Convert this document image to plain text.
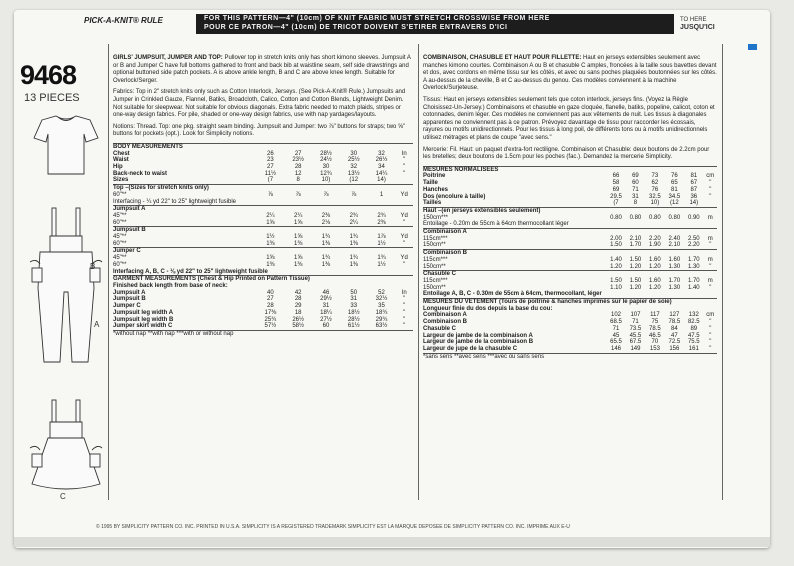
PICK-A-KNIT® RULE	FOR THIS PATTERN—4" (10cm) OF KNIT FABRIC MUST STRETCH CROSSWISE FROM HERE
POUR CE PATRON—4" (10cm) DE TRICOT DOIVENT S'ETIRER ENTRAVERS D'ICI
TO HERE
JUSQU'ICI
9468
13 PIECES
B
A
C

GIRLS' JUMPSUIT, JUMPER AND TOP: Pullover top in stretch knits only has short kimono sleeves. Jumpsuit A or B and Jumper C have full bottoms gathered to front and back bib at waistline seam, self side drawstrings and optional buttoned side patch pockets. A is above ankle length, B and C are above knee length. Suitable for Overlock/Serger.

Fabrics: Top in 2" stretch knits only such as Cotton Interlock, Jerseys. (See Pick-A-Knit® Rule.) Jumpsuits and Jumper in Crinkled Gauze, Flannel, Batiks, Broadcloth, Calico, Cotton and Cotton Blends, Lightweight Denim. Not suitable for sleepwear. Not suitable for obvious diagonals. Extra fabric needed to match plaids, stripes or one-way design fabrics. For pile, shaded or one-way design fabrics, use with nap yardages/layouts.

Notions: Thread. Top: one pkg. straight seam binding. Jumpsuit and Jumper: two ⅞" buttons for straps; two ⅝" buttons for pockets (opt.). Look for Simplicity notions.

BODY MEASUREMENTS						
Chest	26	27	28½	30	32	In
Waist	23	23½	24½	25½	26½	"
Hip	27	28	30	32	34	"
Back-neck to waist	11½	12	12¾	13½	14¼	"
Sizes	(7	8	10)	(12	14)	
Top –(Sizes for stretch knits only)						
60"**	⅞	⅞	⅞	⅞	1	Yd
Interfacing - ¼ yd 22" to 25" lightweight fusible						
Jumpsuit A						
45"**	2¼	2¼	2⅜	2¾	2¾	Yd
60"**	1⅝	1⅝	2⅛	2¼	2⅜	"
Jumpsuit B						
45"**	1½	1⅝	1¾	1¾	1⅞	Yd
60"**	1⅜	1⅜	1⅜	1⅜	1½	"
Jumper C						
45"**	1⅝	1⅝	1¾	1¾	1¾	Yd
60"**	1⅜	1⅜	1⅜	1⅜	1½	"
Interfacing A, B, C - ⅛ yd 22" to 25" lightweight fusible						
GARMENT MEASUREMENTS (Chest & Hip Printed on Pattern Tissue)						
Finished back length from base of neck:						
Jumpsuit A	40	42	46	50	52	In
Jumpsuit B	27	28	29½	31	32½	"
Jumper C	28	29	31	33	35	"
Jumpsuit leg width A	17⅜	18	18¼	18½	18¾	"
Jumpsuit leg width B	25¾	26½	27½	28½	29¾	"
Jumper skirt width C	57½	58½	60	61½	63½	"
*without nap **with nap ***with or without nap						

COMBINAISON, CHASUBLE ET HAUT POUR FILLETTE: Haut en jerseys extensibles seulement avec manches kimono courtes. Combinaison A ou B et chasuble C amples, froncées à la taille sous bavettes devant et dos, avec cordons en même tissu sur les côtés, et avec ou sans poches plaquées boutonnées sur les côtés. A au-dessus de la cheville, B et C au-dessus du genou. Ces modèles conviennent à la machine Overlock/Surjeteuse.

Tissus: Haut en jerseys extensibles seulement tels que coton interlock, jerseys fins. (Voyez la Règle Choisissez-Un-Jersey.) Combinaisons et chasuble en gaze cloquée, flanelle, batiks, popeline, calicot, coton et cotonnades, denim léger. Ces modèles ne conviennent pas aux vêtements de nuit. Les tissus à diagonales apparentes ne conviennent pas à ce patron. Prévoyez davantage de tissu pour raccorder les écossais, rayures ou motifs unidirectionnels. Pour les tissus à long poil, de différents tons ou à motifs unidirectionnels utilisez métrages et plans de coupe "avec sens."

Mercerie: Fil. Haut: un paquet d'extra-fort rectiligne. Combinaison et Chasuble: deux boutons de 2.2cm pour les bretelles; deux boutons de 1.5cm pour les poches (fac.). Demandez la mercerie Simplicity.

MESURES NORMALISEES						
Poitrine	66	69	73	76	81	cm
Taille	58	60	62	65	67	"
Hanches	69	71	76	81	87	"
Dos (encolure à taille)	29.5	31	32.5	34.5	36	"
Tailles	(7	8	10)	(12	14)	
Haut –(en jerseys extensibles seulement)						
150cm***	0.80	0.80	0.80	0.80	0.90	m
Entoilage - 0.20m de 55cm à 64cm thermocollant léger						
Combinaison A						
115cm***	2.00	2.10	2.20	2.40	2.50	m
150cm**	1.50	1.70	1.90	2.10	2.20	"
Combinaison B						
115cm***	1.40	1.50	1.60	1.60	1.70	m
150cm**	1.20	1.20	1.20	1.30	1.30	"
Chasuble C						
115cm***	1.50	1.50	1.60	1.70	1.70	m
150cm**	1.10	1.20	1.20	1.30	1.40	"
Entoilage A, B, C - 0.30m de 55cm à 64cm, thermocollant, léger						
MESURES DU VETEMENT (Tours de poitrine & hanches imprimés sur le papier de soie)						
Longueur finie du dos depuis la base du cou:						
Combinaison A	102	107	117	127	132	cm
Combinaison B	68.5	71	75	78.5	82.5	"
Chasuble C	71	73.5	78.5	84	89	"
Largeur de jambe de la combinaison A	45	45.5	46.5	47	47.5	"
Largeur de jambe de la combinaison B	65.5	67.5	70	72.5	75.5	"
Largeur de jupe de la chasuble C	146	149	153	156	161	"
*sans sens **avec sens ***avec ou sans sens						
© 1995 BY SIMPLICITY PATTERN CO. INC. PRINTED IN U.S.A. SIMPLICITY IS A REGISTERED TRADEMARK SIMPLICITY EST LA MARQUE DEPOSEE DE SIMPLICITY PATTERN CO. INC. IMPRIME AUX E-U
